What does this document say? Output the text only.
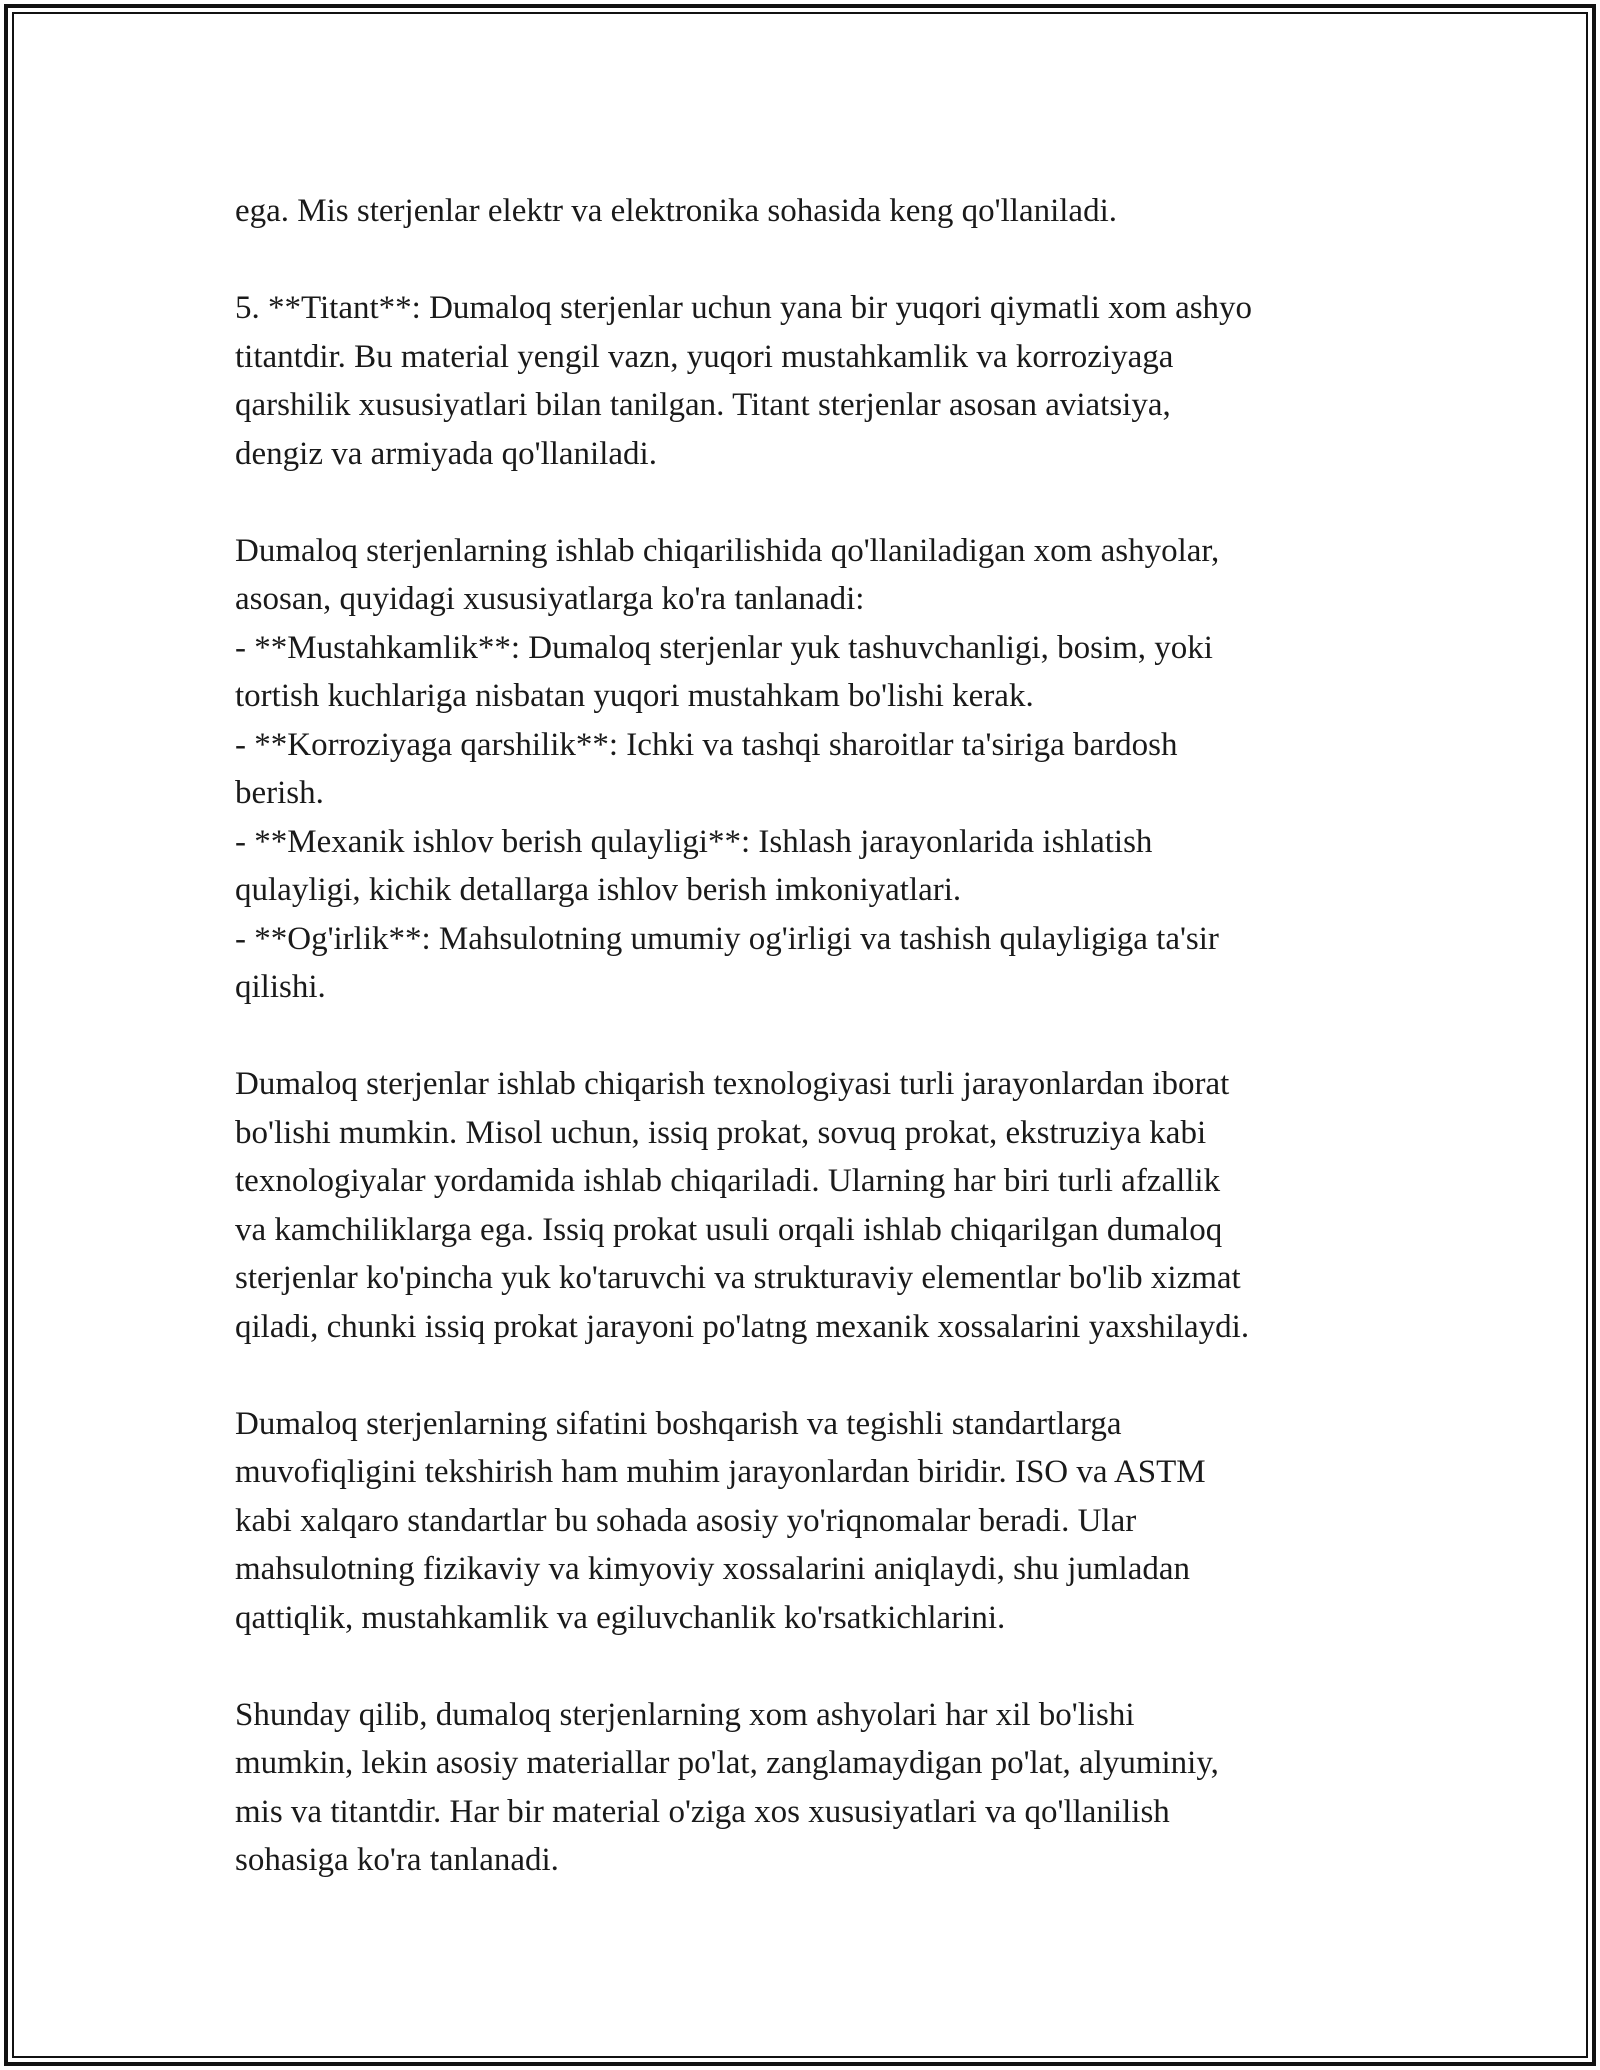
ega. Mis sterjenlar elektr va elektronika sohasida keng qo'llaniladi.

5. **Titant**: Dumaloq sterjenlar uchun yana bir yuqori qiymatli xom ashyo
titantdir. Bu material yengil vazn, yuqori mustahkamlik va korroziyaga
qarshilik xususiyatlari bilan tanilgan. Titant sterjenlar asosan aviatsiya,
dengiz va armiyada qo'llaniladi.

Dumaloq sterjenlarning ishlab chiqarilishida qo'llaniladigan xom ashyolar,
asosan, quyidagi xususiyatlarga ko'ra tanlanadi:
- **Mustahkamlik**: Dumaloq sterjenlar yuk tashuvchanligi, bosim, yoki
tortish kuchlariga nisbatan yuqori mustahkam bo'lishi kerak.
- **Korroziyaga qarshilik**: Ichki va tashqi sharoitlar ta'siriga bardosh
berish.
- **Mexanik ishlov berish qulayligi**: Ishlash jarayonlarida ishlatish
qulayligi, kichik detallarga ishlov berish imkoniyatlari.
- **Og'irlik**: Mahsulotning umumiy og'irligi va tashish qulayligiga ta'sir
qilishi.

Dumaloq sterjenlar ishlab chiqarish texnologiyasi turli jarayonlardan iborat
bo'lishi mumkin. Misol uchun, issiq prokat, sovuq prokat, ekstruziya kabi
texnologiyalar yordamida ishlab chiqariladi. Ularning har biri turli afzallik
va kamchiliklarga ega. Issiq prokat usuli orqali ishlab chiqarilgan dumaloq
sterjenlar ko'pincha yuk ko'taruvchi va strukturaviy elementlar bo'lib xizmat
qiladi, chunki issiq prokat jarayoni po'latng mexanik xossalarini yaxshilaydi.

Dumaloq sterjenlarning sifatini boshqarish va tegishli standartlarga
muvofiqligini tekshirish ham muhim jarayonlardan biridir. ISO va ASTM
kabi xalqaro standartlar bu sohada asosiy yo'riqnomalar beradi. Ular
mahsulotning fizikaviy va kimyoviy xossalarini aniqlaydi, shu jumladan
qattiqlik, mustahkamlik va egiluvchanlik ko'rsatkichlarini.

Shunday qilib, dumaloq sterjenlarning xom ashyolari har xil bo'lishi
mumkin, lekin asosiy materiallar po'lat, zanglamaydigan po'lat, alyuminiy,
mis va titantdir. Har bir material o'ziga xos xususiyatlari va qo'llanilish
sohasiga ko'ra tanlanadi.
